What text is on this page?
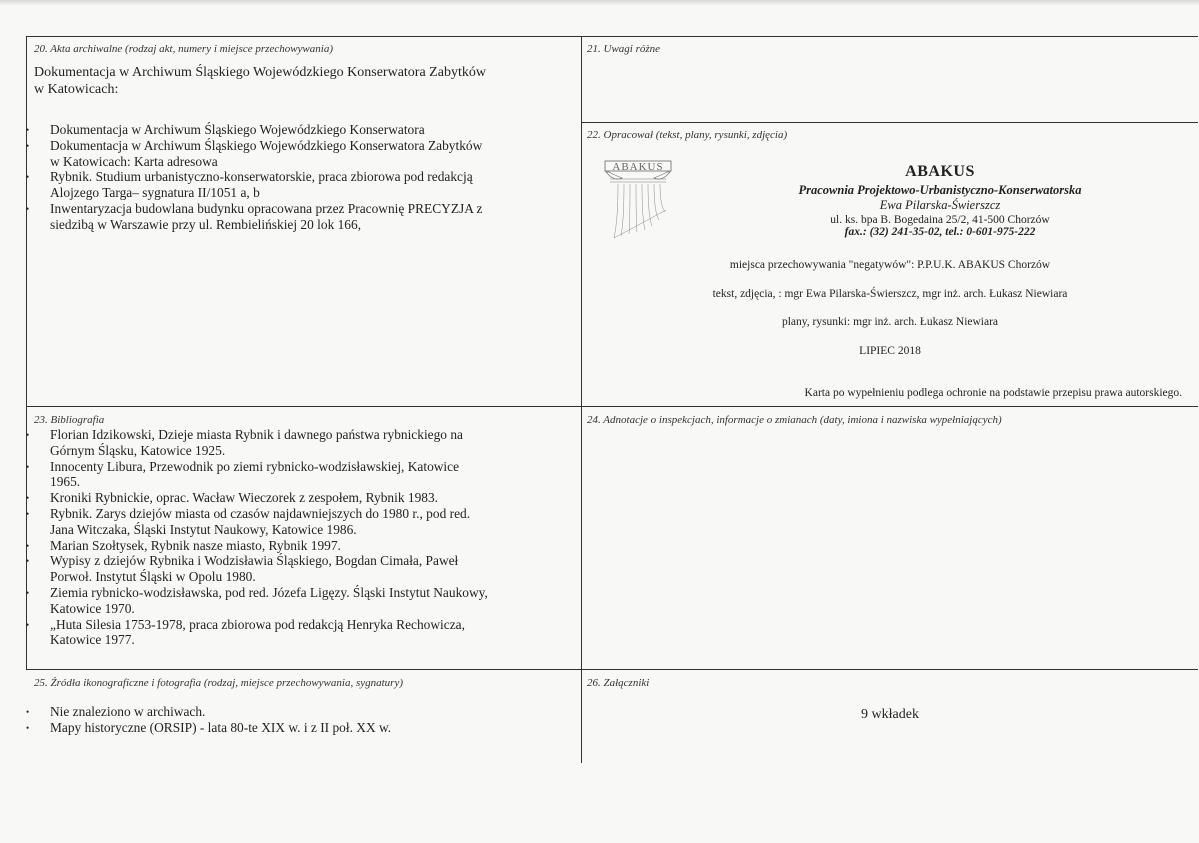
20. Akta archiwalne (rodzaj akt, numery i miejsce przechowywania)
Dokumentacja w Archiwum Śląskiego Wojewódzkiego Konserwatora Zabytków
w Katowicach:
• Dokumentacja w Archiwum Śląskiego Wojewódzkiego Konserwatora
• Dokumentacja w Archiwum Śląskiego Wojewódzkiego Konserwatora Zabytków
w Katowicach: Karta adresowa
• Rybnik. Studium urbanistyczno-konserwatorskie, praca zbiorowa pod redakcją
Alojzego Targa– sygnatura II/1051 a, b
• Inwentaryzacja budowlana budynku opracowana przez Pracownię PRECYZJA z
siedzibą w Warszawie przy ul. Rembielińskiej 20 lok 166,
21. Uwagi różne
22. Opracował (tekst, plany, rysunki, zdjęcia)
ABAKUS	ABAKUS
Pracownia Projektowo-Urbanistyczno-Konserwatorska
Ewa Pilarska-Świerszcz
ul. ks. bpa B. Bogedaina 25/2, 41-500 Chorzów
fax.: (32) 241-35-02, tel.: 0-601-975-222
miejsca przechowywania "negatywów": P.P.U.K. ABAKUS Chorzów
tekst, zdjęcia, : mgr Ewa Pilarska-Świerszcz, mgr inż. arch. Łukasz Niewiara
plany, rysunki: mgr inż. arch. Łukasz Niewiara
LIPIEC 2018
Karta po wypełnieniu podlega ochronie na podstawie przepisu prawa autorskiego.
23. Bibliografia
• Florian Idzikowski, Dzieje miasta Rybnik i dawnego państwa rybnickiego na
Górnym Śląsku, Katowice 1925.
• Innocenty Libura, Przewodnik po ziemi rybnicko-wodzisławskiej, Katowice
1965.
• Kroniki Rybnickie, oprac. Wacław Wieczorek z zespołem, Rybnik 1983.
• Rybnik. Zarys dziejów miasta od czasów najdawniejszych do 1980 r., pod red.
Jana Witczaka, Śląski Instytut Naukowy, Katowice 1986.
• Marian Szołtysek, Rybnik nasze miasto, Rybnik 1997.
• Wypisy z dziejów Rybnika i Wodzisławia Śląskiego, Bogdan Cimała, Paweł
Porwoł. Instytut Śląski w Opolu 1980.
• Ziemia rybnicko-wodzisławska, pod red. Józefa Ligęzy. Śląski Instytut Naukowy,
Katowice 1970.
• „Huta Silesia 1753-1978, praca zbiorowa pod redakcją Henryka Rechowicza,
Katowice 1977.
24. Adnotacje o inspekcjach, informacje o zmianach (daty, imiona i nazwiska wypełniających)
25. Źródła ikonograficzne i fotografia (rodzaj, miejsce przechowywania, sygnatury)
• Nie znaleziono w archiwach.
• Mapy historyczne (ORSIP) - lata 80-te XIX w. i z II poł. XX w.
26. Załączniki
9 wkładek
